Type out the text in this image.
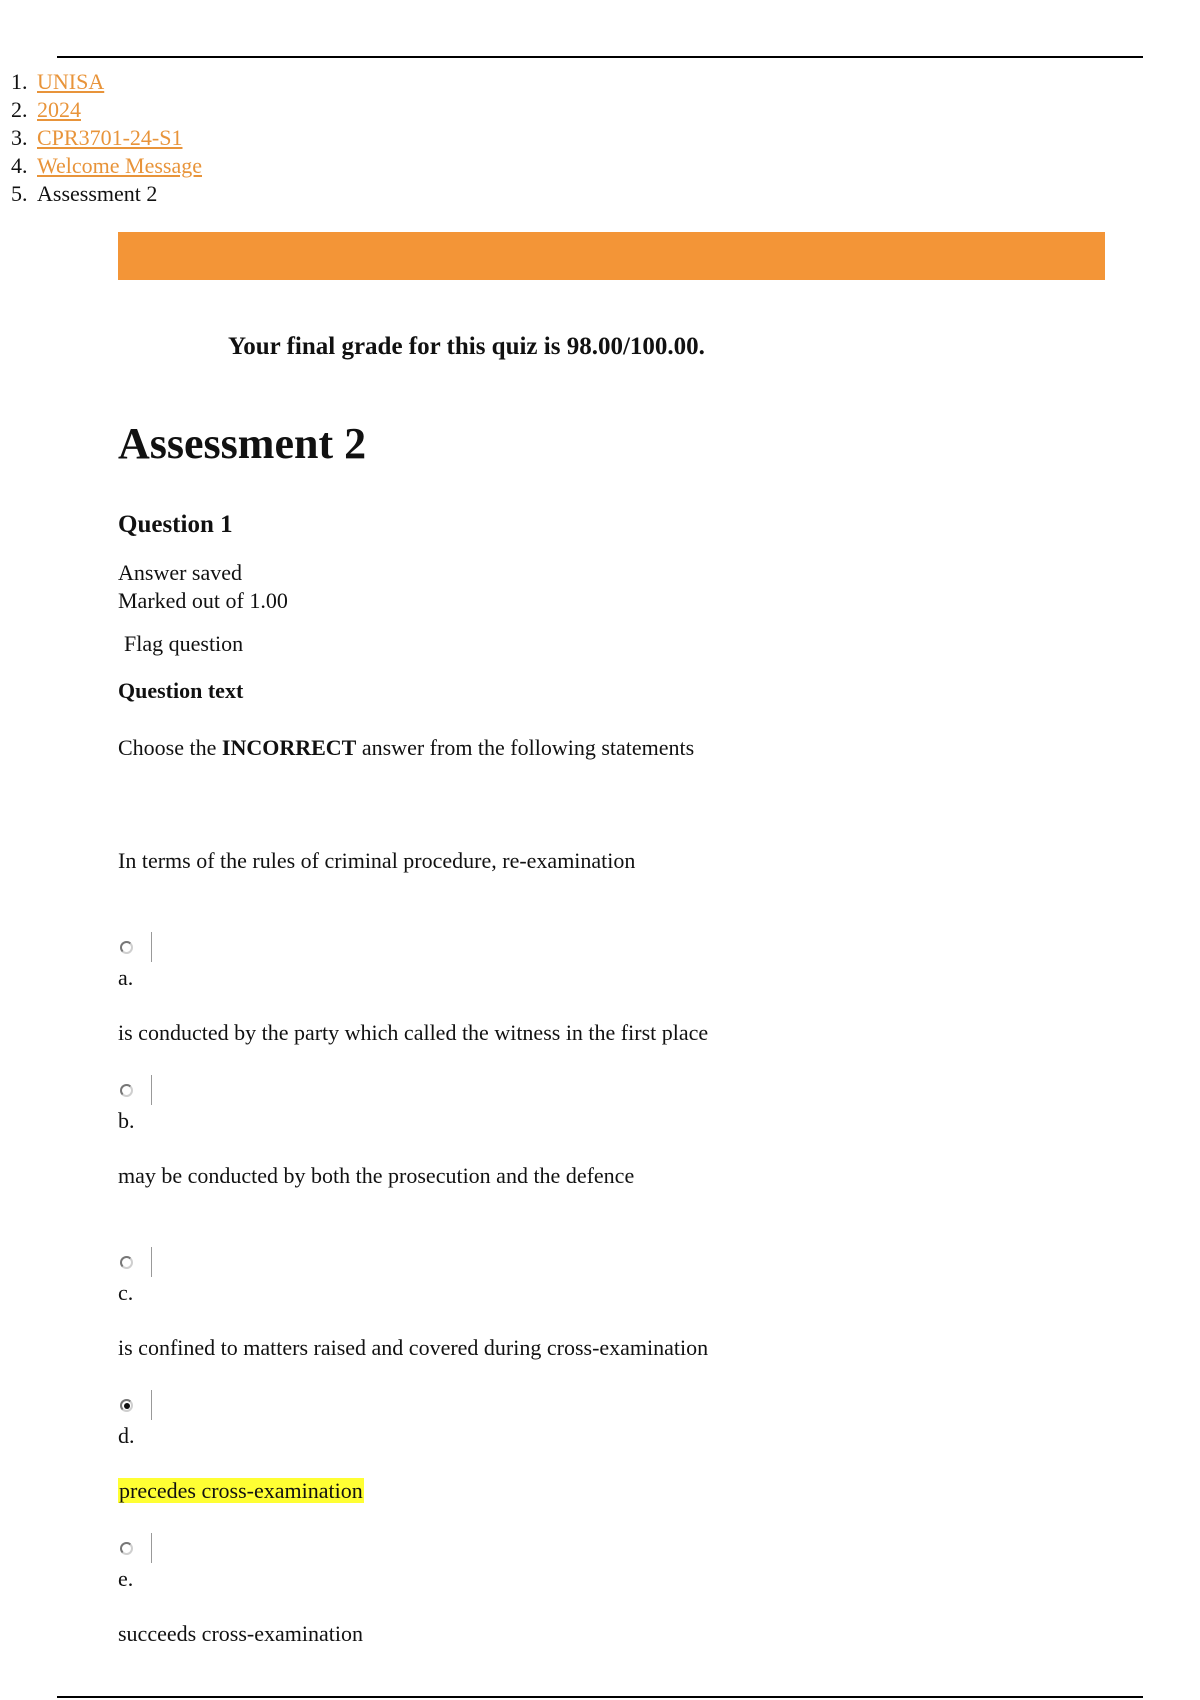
1. UNISA
2. 2024
3. CPR3701-24-S1
4. Welcome Message
5. Assessment 2
Your final grade for this quiz is 98.00/100.00.
Assessment 2
Question 1
Answer saved
Marked out of 1.00
Flag question
Question text
Choose the INCORRECT answer from the following statements
In terms of the rules of criminal procedure, re-examination
a.
is conducted by the party which called the witness in the first place
b.
may be conducted by both the prosecution and the defence
c.
is confined to matters raised and covered during cross-examination
d.
precedes cross-examination
e.
succeeds cross-examination
